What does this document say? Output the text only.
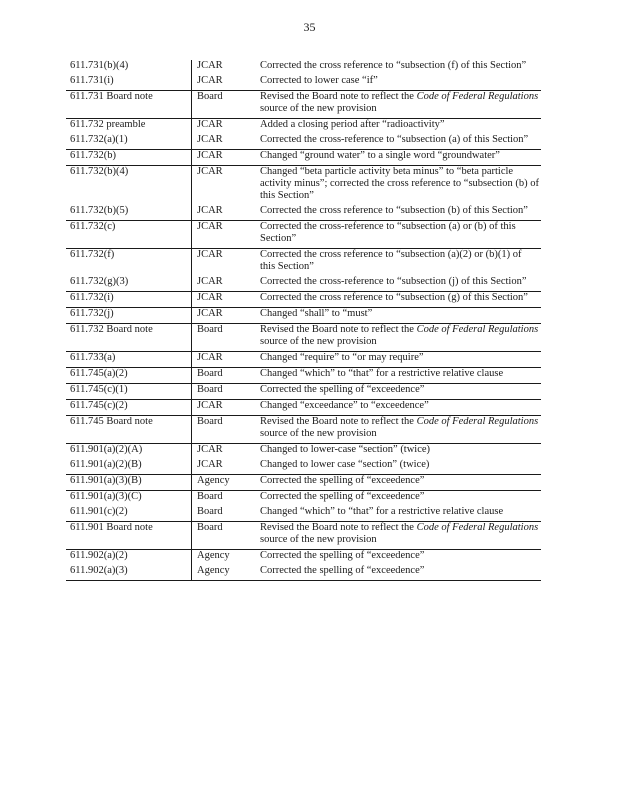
35
611.731(b)(4)	JCAR	Corrected the cross reference to “subsection (f) of this Section”
611.731(i)	JCAR	Corrected to lower case “if”
611.731 Board note	Board	Revised the Board note to reflect the Code of Federal Regulations source of the new provision
611.732 preamble	JCAR	Added a closing period after “radioactivity”
611.732(a)(1)	JCAR	Corrected the cross-reference to “subsection (a) of this Section”
611.732(b)	JCAR	Changed “ground water” to a single word “groundwater”
611.732(b)(4)	JCAR	Changed “beta particle activity beta minus” to “beta particle activity minus”; corrected the cross reference to “subsection (b) of this Section”
611.732(b)(5)	JCAR	Corrected the cross reference to “subsection (b) of this Section”
611.732(c)	JCAR	Corrected the cross-reference to “subsection (a) or (b) of this Section”
611.732(f)	JCAR	Corrected the cross reference to “subsection (a)(2) or (b)(1) of this Section”
611.732(g)(3)	JCAR	Corrected the cross-reference to “subsection (j) of this Section”
611.732(i)	JCAR	Corrected the cross reference to “subsection (g) of this Section”
611.732(j)	JCAR	Changed “shall” to “must”
611.732 Board note	Board	Revised the Board note to reflect the Code of Federal Regulations source of the new provision
611.733(a)	JCAR	Changed “require” to “or may require”
611.745(a)(2)	Board	Changed “which” to “that” for a restrictive relative clause
611.745(c)(1)	Board	Corrected the spelling of “exceedence”
611.745(c)(2)	JCAR	Changed “exceedance” to “exceedence”
611.745 Board note	Board	Revised the Board note to reflect the Code of Federal Regulations source of the new provision
611.901(a)(2)(A)	JCAR	Changed to lower-case “section” (twice)
611.901(a)(2)(B)	JCAR	Changed to lower case “section” (twice)
611.901(a)(3)(B)	Agency	Corrected the spelling of “exceedence”
611.901(a)(3)(C)	Board	Corrected the spelling of “exceedence”
611.901(c)(2)	Board	Changed “which” to “that” for a restrictive relative clause
611.901 Board note	Board	Revised the Board note to reflect the Code of Federal Regulations source of the new provision
611.902(a)(2)	Agency	Corrected the spelling of “exceedence”
611.902(a)(3)	Agency	Corrected the spelling of “exceedence”
